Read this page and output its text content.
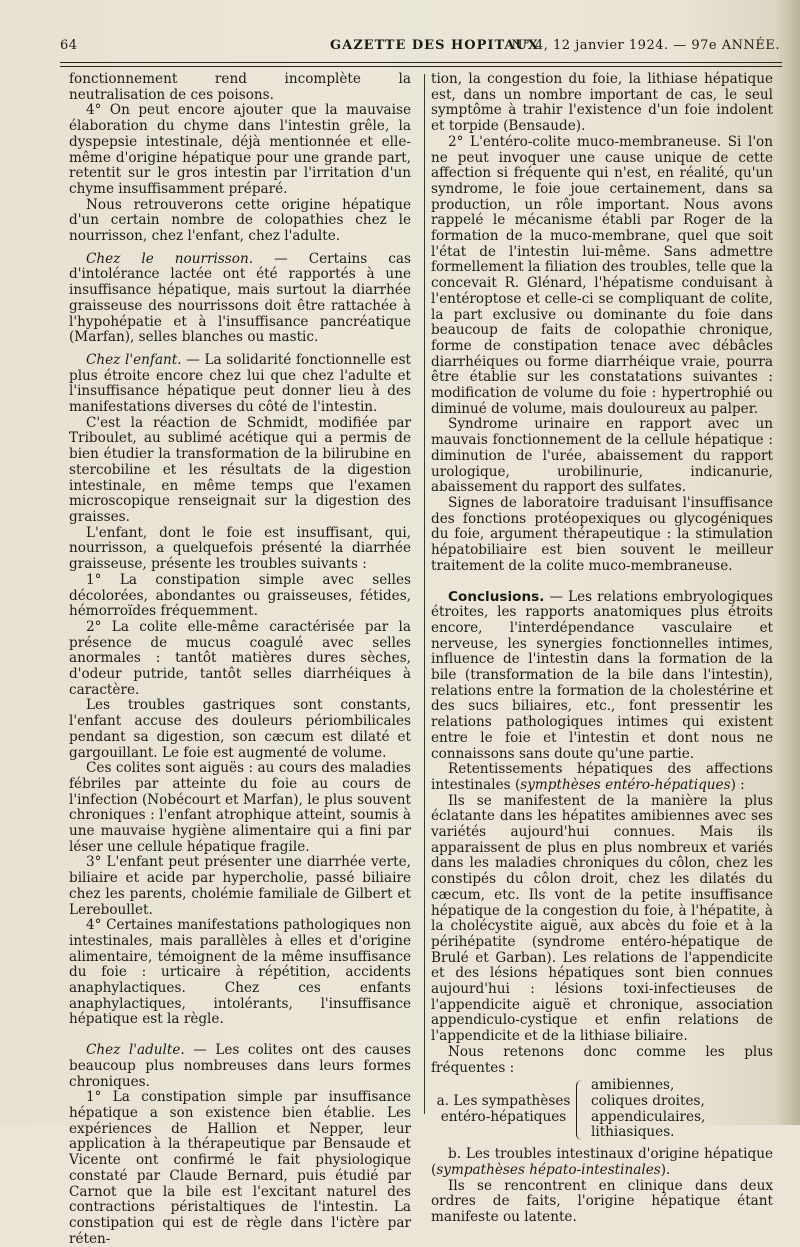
64	GAZETTE DES HOPITAUX
N° 4, 12 janvier 1924. — 97e ANNÉE.

fonctionnement rend incomplète la neutralisation de ces poisons.

4° On peut encore ajouter que la mauvaise élaboration du chyme dans l'intestin grêle, la dyspepsie intestinale, déjà mentionnée et elle-même d'origine hépatique pour une grande part, retentit sur le gros intestin par l'irritation d'un chyme insuffisamment préparé.

Nous retrouverons cette origine hépatique d'un certain nombre de colopathies chez le nourrisson, chez l'enfant, chez l'adulte.

Chez le nourrisson. — Certains cas d'intolérance lactée ont été rapportés à une insuffisance hépatique, mais surtout la diarrhée graisseuse des nourrissons doit être rattachée à l'hypohépatie et à l'insuffisance pancréatique (Marfan), selles blanches ou mastic.

Chez l'enfant. — La solidarité fonctionnelle est plus étroite encore chez lui que chez l'adulte et l'insuffisance hépatique peut donner lieu à des manifestations diverses du côté de l'intestin.

C'est la réaction de Schmidt, modifiée par Triboulet, au sublimé acétique qui a permis de bien étudier la transformation de la bilirubine en stercobiline et les résultats de la digestion intestinale, en même temps que l'examen microscopique renseignait sur la digestion des graisses.

L'enfant, dont le foie est insuffisant, qui, nourrisson, a quelquefois présenté la diarrhée graisseuse, présente les troubles suivants :

1° La constipation simple avec selles décolorées, abondantes ou graisseuses, fétides, hémorroïdes fréquemment.

2° La colite elle-même caractérisée par la présence de mucus coagulé avec selles anormales : tantôt matières dures sèches, d'odeur putride, tantôt selles diarrhéiques à caractère.

Les troubles gastriques sont constants, l'enfant accuse des douleurs périombilicales pendant sa digestion, son cæcum est dilaté et gargouillant. Le foie est augmenté de volume.

Ces colites sont aiguës : au cours des maladies fébriles par atteinte du foie au cours de l'infection (Nobécourt et Marfan), le plus souvent chroniques : l'enfant atrophique atteint, soumis à une mauvaise hygiène alimentaire qui a fini par léser une cellule hépatique fragile.

3° L'enfant peut présenter une diarrhée verte, biliaire et acide par hypercholie, passé biliaire chez les parents, cholémie familiale de Gilbert et Lereboullet.

4° Certaines manifestations pathologiques non intestinales, mais parallèles à elles et d'origine alimentaire, témoignent de la même insuffisance du foie : urticaire à répétition, accidents anaphylactiques. Chez ces enfants anaphylactiques, intolérants, l'insuffisance hépatique est la règle.

Chez l'adulte. — Les colites ont des causes beaucoup plus nombreuses dans leurs formes chroniques.

1° La constipation simple par insuffisance hépatique a son existence bien établie. Les expériences de Hallion et Nepper, leur application à la thérapeutique par Bensaude et Vicente ont confirmé le fait physiologique constaté par Claude Bernard, puis étudié par Carnot que la bile est l'excitant naturel des contractions péristaltiques de l'intestin. La constipation qui est de règle dans l'ictère par réten-

tion, la congestion du foie, la lithiase hépatique est, dans un nombre important de cas, le seul symptôme à trahir l'existence d'un foie indolent et torpide (Bensaude).

2° L'entéro-colite muco-membraneuse. Si l'on ne peut invoquer une cause unique de cette affection si fréquente qui n'est, en réalité, qu'un syndrome, le foie joue certainement, dans sa production, un rôle important. Nous avons rappelé le mécanisme établi par Roger de la formation de la muco-membrane, quel que soit l'état de l'intestin lui-même. Sans admettre formellement la filiation des troubles, telle que la concevait R. Glénard, l'hépatisme conduisant à l'entéroptose et celle-ci se compliquant de colite, la part exclusive ou dominante du foie dans beaucoup de faits de colopathie chronique, forme de constipation tenace avec débâcles diarrhéiques ou forme diarrhéique vraie, pourra être établie sur les constatations suivantes : modification de volume du foie : hypertrophié ou diminué de volume, mais douloureux au palper.

Syndrome urinaire en rapport avec un mauvais fonctionnement de la cellule hépatique : diminution de l'urée, abaissement du rapport urologique, urobilinurie, indicanurie, abaissement du rapport des sulfates.

Signes de laboratoire traduisant l'insuffisance des fonctions protéopexiques ou glycogéniques du foie, argument thérapeutique : la stimulation hépatobiliaire est bien souvent le meilleur traitement de la colite muco-membraneuse.

Conclusions. — Les relations embryologiques étroites, les rapports anatomiques plus étroits encore, l'interdépendance vasculaire et nerveuse, les synergies fonctionnelles intimes, influence de l'intestin dans la formation de la bile (transformation de la bile dans l'intestin), relations entre la formation de la cholestérine et des sucs biliaires, etc., font pressentir les relations pathologiques intimes qui existent entre le foie et l'intestin et dont nous ne connaissons sans doute qu'une partie.

Retentissements hépatiques des affections intestinales (sympthèses entéro-hépatiques) :

Ils se manifestent de la manière la plus éclatante dans les hépatites amibiennes avec ses variétés aujourd'hui connues. Mais ils apparaissent de plus en plus nombreux et variés dans les maladies chroniques du côlon, chez les constipés du côlon droit, chez les dilatés du cæcum, etc. Ils vont de la petite insuffisance hépatique de la congestion du foie, à l'hépatite, à la cholécystite aiguë, aux abcès du foie et à la périhépatite (syndrome entéro-hépatique de Brulé et Garban). Les relations de l'appendicite et des lésions hépatiques sont bien connues aujourd'hui : lésions toxi-infectieuses de l'appendicite aiguë et chronique, association appendiculo-cystique et enfin relations de l'appendicite et de la lithiase biliaire.

Nous retenons donc comme les plus fréquentes :

a. Les sympathèses
entéro-hépatiques
amibiennes,
coliques droites,
appendiculaires,
lithiasiques.

b. Les troubles intestinaux d'origine hépatique (sympathèses hépato-intestinales).

Ils se rencontrent en clinique dans deux ordres de faits, l'origine hépatique étant manifeste ou latente.
